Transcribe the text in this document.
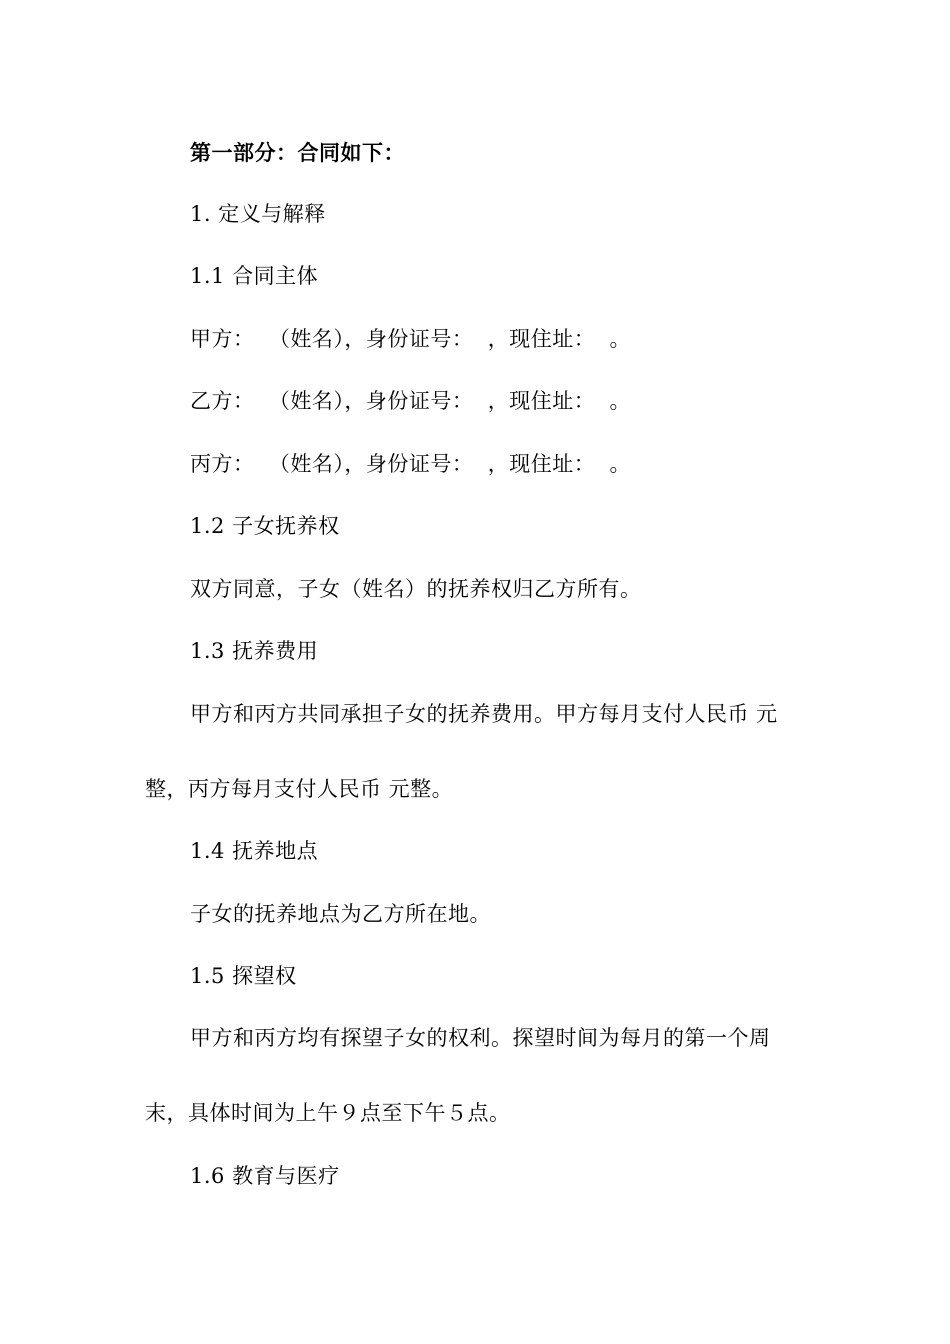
第一部分：合同如下：
1. 定义与解释
1.1 合同主体
甲方：  （姓名），身份证号：  ，现住址：  。
乙方：  （姓名），身份证号：  ，现住址：  。
丙方：  （姓名），身份证号：  ，现住址：  。
1.2 子女抚养权
双方同意，子女（姓名）的抚养权归乙方所有。
1.3 抚养费用
甲方和丙方共同承担子女的抚养费用。甲方每月支付人民币 元
整，丙方每月支付人民币 元整。
1.4 抚养地点
子女的抚养地点为乙方所在地。
1.5 探望权
甲方和丙方均有探望子女的权利。探望时间为每月的第一个周
末，具体时间为上午９点至下午５点。
1.6 教育与医疗
